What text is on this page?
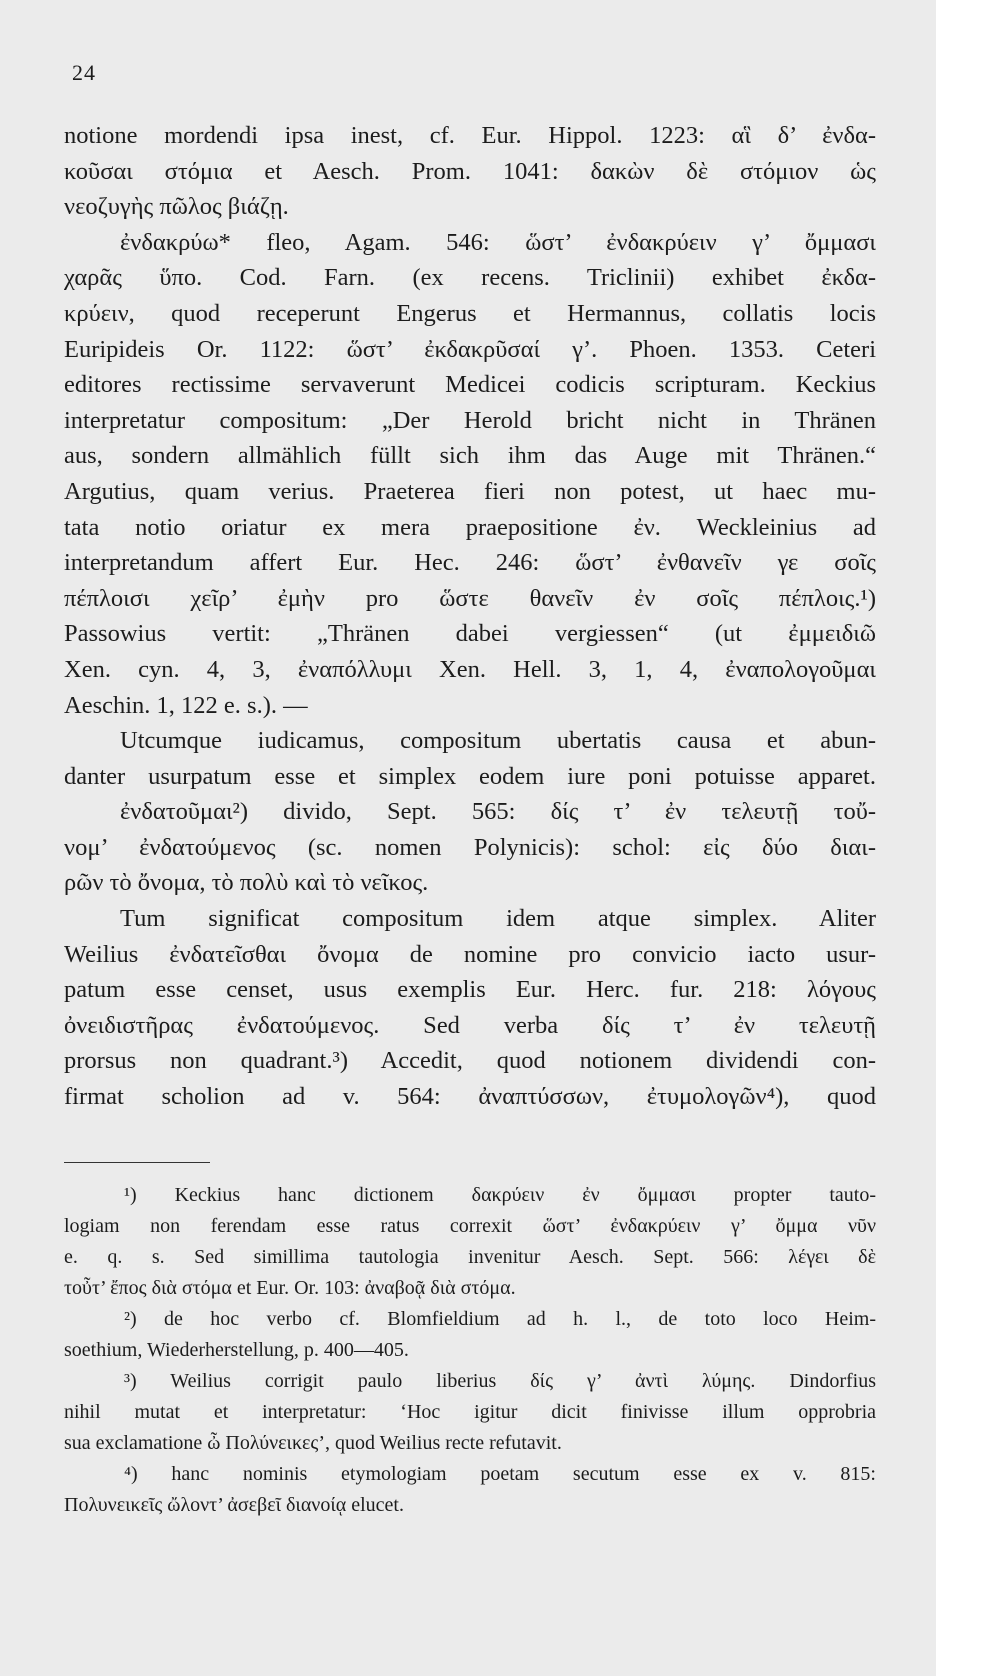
24
notione mordendi ipsa inest, cf. Eur. Hippol. 1223: αἳ δ’ ἐνδα-
κοῦσαι στόμια et Aesch. Prom. 1041: δακὼν δὲ στόμιον ὡς
νεοζυγὴς πῶλος βιάζῃ.
ἐνδακρύω* fleo, Agam. 546: ὥστ’ ἐνδακρύειν γ’ ὄμμασι
χαρᾶς ὕπο. Cod. Farn. (ex recens. Triclinii) exhibet ἐκδα-
κρύειν, quod receperunt Engerus et Hermannus, collatis locis
Euripideis Or. 1122: ὥστ’ ἐκδακρῦσαί γ’. Phoen. 1353. Ceteri
editores rectissime servaverunt Medicei codicis scripturam. Keckius
interpretatur compositum: „Der Herold bricht nicht in Thränen
aus, sondern allmählich füllt sich ihm das Auge mit Thränen.“
Argutius, quam verius. Praeterea fieri non potest, ut haec mu-
tata notio oriatur ex mera praepositione ἐν. Weckleinius ad
interpretandum affert Eur. Hec. 246: ὥστ’ ἐνθανεῖν γε σοῖς
πέπλοισι χεῖρ’ ἐμὴν pro ὥστε θανεῖν ἐν σοῖς πέπλοις.¹)
Passowius vertit: „Thränen dabei vergiessen“ (ut ἐμμειδιῶ
Xen. cyn. 4, 3, ἐναπόλλυμι Xen. Hell. 3, 1, 4, ἐναπολογοῦμαι
Aeschin. 1, 122 e. s.). —
Utcumque iudicamus, compositum ubertatis causa et abun-
danter usurpatum esse et simplex eodem iure poni potuisse apparet.
ἐνδατοῦμαι²) divido, Sept. 565: δίς τ’ ἐν τελευτῇ τοὔ-
νομ’ ἐνδατούμενος (sc. nomen Polynicis): schol: εἰς δύο διαι-
ρῶν τὸ ὄνομα, τὸ πολὺ καὶ τὸ νεῖκος.
Tum significat compositum idem atque simplex. Aliter
Weilius ἐνδατεῖσθαι ὄνομα de nomine pro convicio iacto usur-
patum esse censet, usus exemplis Eur. Herc. fur. 218: λόγους
ὀνειδιστῆρας ἐνδατούμενος. Sed verba δίς τ’ ἐν τελευτῇ
prorsus non quadrant.³) Accedit, quod notionem dividendi con-
firmat scholion ad v. 564: ἀναπτύσσων, ἐτυμολογῶν⁴), quod
¹) Keckius hanc dictionem δακρύειν ἐν ὄμμασι propter tauto-
logiam non ferendam esse ratus correxit ὥστ’ ἐνδακρύειν γ’ ὄμμα νῦν
e. q. s. Sed simillima tautologia invenitur Aesch. Sept. 566: λέγει δὲ
τοὖτ’ ἔπος διὰ στόμα et Eur. Or. 103: ἀναβοᾷ διὰ στόμα.
²) de hoc verbo cf. Blomfieldium ad h. l., de toto loco Heim-
soethium, Wiederherstellung, p. 400—405.
³) Weilius corrigit paulo liberius δίς γ’ ἀντὶ λύμης. Dindorfius
nihil mutat et interpretatur: ‘Hoc igitur dicit finivisse illum opprobria
sua exclamatione ὦ Πολύνεικες’, quod Weilius recte refutavit.
⁴) hanc nominis etymologiam poetam secutum esse ex v. 815:
Πολυνεικεῖς ὤλοντ’ ἀσεβεῖ διανοίᾳ elucet.
